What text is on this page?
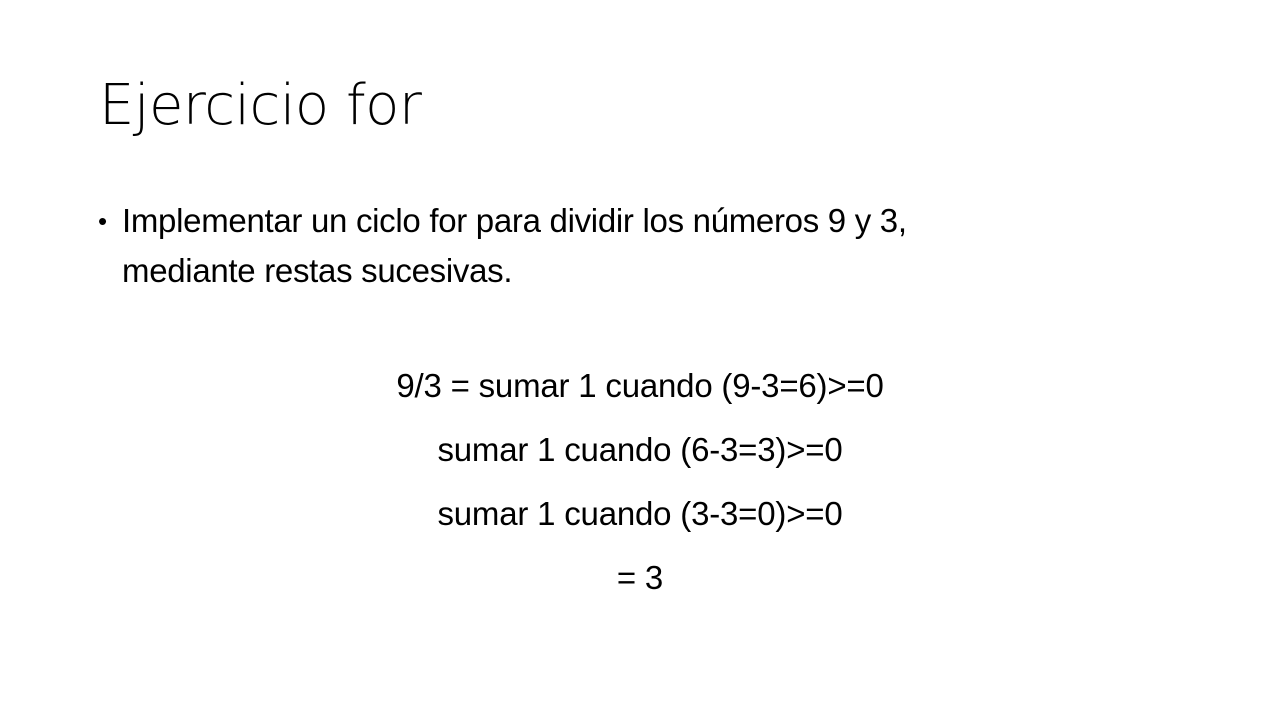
Ejercicio for
• Implementar un ciclo for para dividir los números 9 y 3,
mediante restas sucesivas.
9/3 = sumar 1 cuando (9-3=6)>=0
sumar 1 cuando (6-3=3)>=0
sumar 1 cuando (3-3=0)>=0
= 3
